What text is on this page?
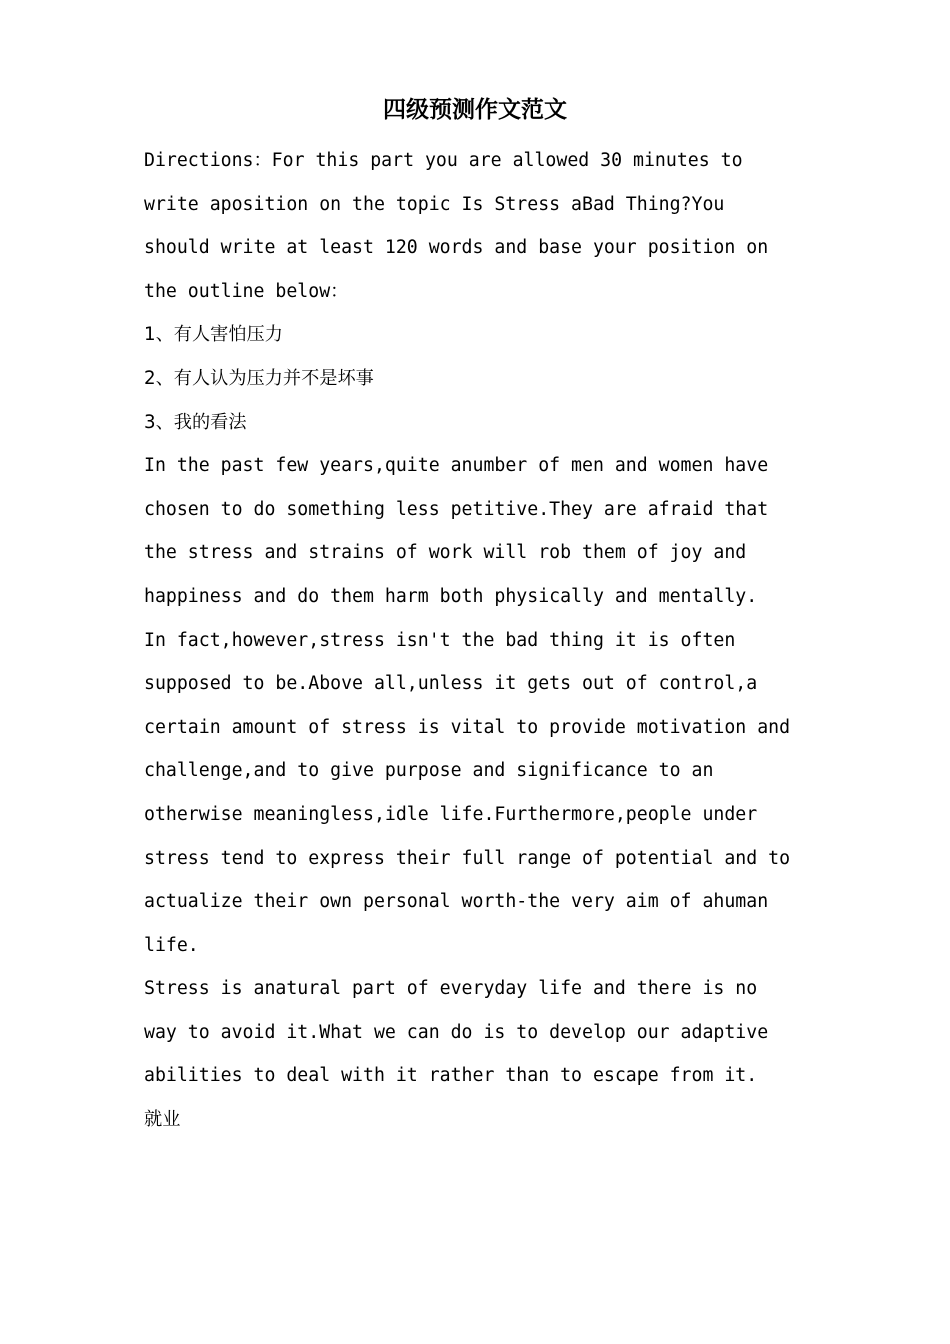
四级预测作文范文
Directions：For this part you are allowed 30 minutes to
write aposition on the topic Is Stress aBad Thing?You
should write at least 120 words and base your position on
the outline below：
1、有人害怕压力
2、有人认为压力并不是坏事
3、我的看法
In the past few years,quite anumber of men and women have
chosen to do something less petitive.They are afraid that
the stress and strains of work will rob them of joy and
happiness and do them harm both physically and mentally.
In fact,however,stress isn't the bad thing it is often
supposed to be.Above all,unless it gets out of control,a
certain amount of stress is vital to provide motivation and
challenge,and to give purpose and significance to an
otherwise meaningless,idle life.Furthermore,people under
stress tend to express their full range of potential and to
actualize their own personal worth-the very aim of ahuman
life.
Stress is anatural part of everyday life and there is no
way to avoid it.What we can do is to develop our adaptive
abilities to deal with it rather than to escape from it.
就业
